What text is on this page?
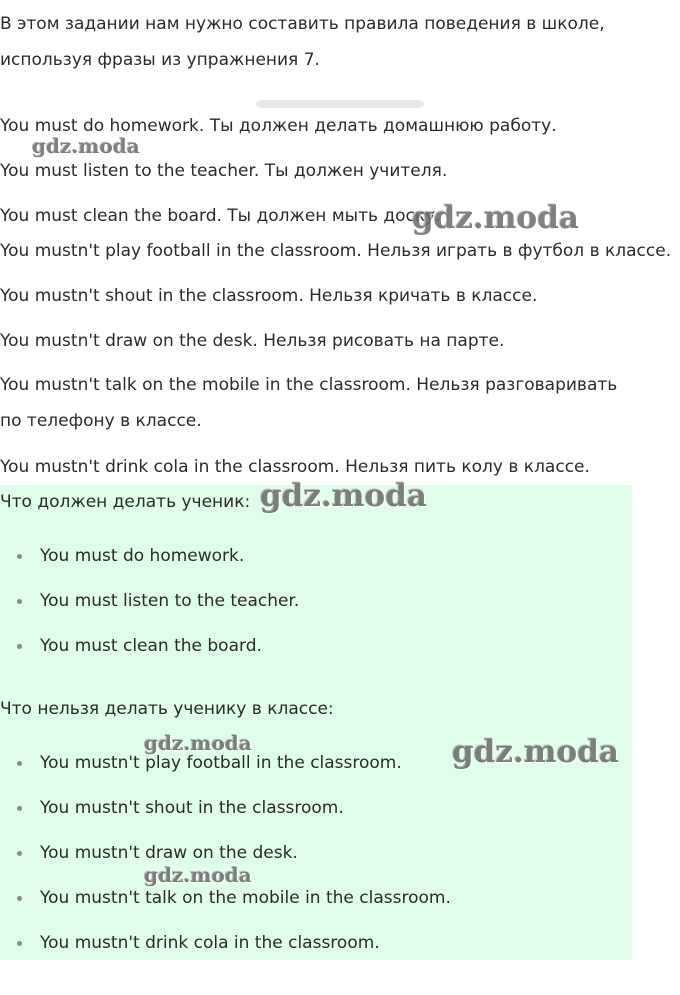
В этом задании нам нужно составить правила поведения в школе, используя фразы из упражнения 7.

You must do homework. Ты должен делать домашнюю работу.

You must listen to the teacher. Ты должен учителя.

You must clean the board. Ты должен мыть доску.

You mustn't play football in the classroom. Нельзя играть в футбол в классе.

You mustn't shout in the classroom. Нельзя кричать в классе.

You mustn't draw on the desk. Нельзя рисовать на парте.

You mustn't talk on the mobile in the classroom. Нельзя разговаривать по телефону в классе.

You mustn't drink cola in the classroom. Нельзя пить колу в классе.

Что должен делать ученик:

You must do homework.
You must listen to the teacher.
You must clean the board.

Что нельзя делать ученику в классе:

You mustn't play football in the classroom.
You mustn't shout in the classroom.
You mustn't draw on the desk.
You mustn't talk on the mobile in the classroom.
You mustn't drink cola in the classroom.
gdz.moda
gdz.moda
gdz.moda
gdz.moda	gdz.moda
gdz.moda
